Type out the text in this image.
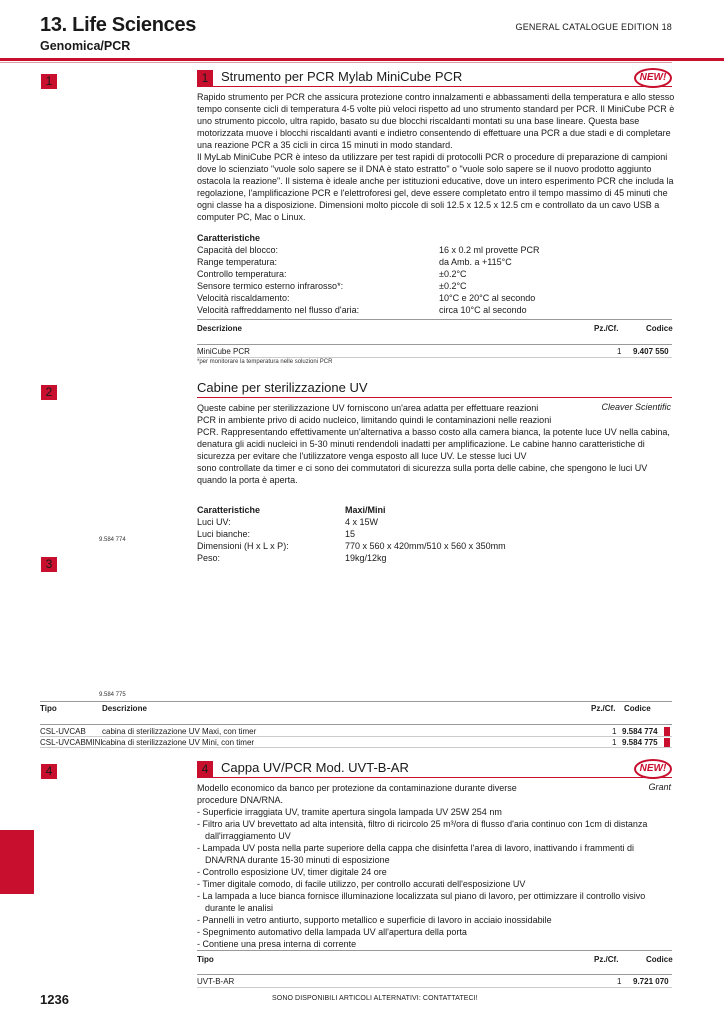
13. Life Sciences
Genomica/PCR
GENERAL CATALOGUE EDITION 18
1
2
3
4
1 Strumento per PCR Mylab MiniCube PCR	NEW!
Rapido strumento per PCR che assicura protezione contro innalzamenti e abbassamenti della temperatura e allo stesso
tempo consente cicli di temperatura 4-5 volte più veloci rispetto ad uno strumento standard per PCR. Il MiniCube PCR è
uno strumento piccolo, ultra rapido, basato su due blocchi riscaldanti montati su una base lineare. Questa base
motorizzata muove i blocchi riscaldanti avanti e indietro consentendo di effettuare una PCR a due stadi e di completare
una reazione PCR a 35 cicli in circa 15 minuti in modo standard.
Il MyLab MiniCube PCR è inteso da utilizzare per test rapidi di protocolli PCR o procedure di preparazione di campioni
dove lo scienziato "vuole solo sapere se il DNA è stato estratto" o "vuole solo sapere se il nuovo prodotto aggiunto
ostacola la reazione". Il sistema è ideale anche per istituzioni educative, dove un intero esperimento PCR che includa la
regolazione, l'amplificazione PCR e l'elettroforesi gel, deve essere completato entro il tempo massimo di 45 minuti che
ogni classe ha a disposizione. Dimensioni molto piccole di soli 12.5 x 12.5 x 12.5 cm e controllato da un cavo USB a
computer PC, Mac o Linux.
Caratteristiche
Capacità del blocco:	16 x 0.2 ml provette PCR
Range temperatura:	da Amb. a +115°C
Controllo temperatura:	±0.2°C
Sensore termico esterno infrarosso*:	±0.2°C
Velocità riscaldamento:	10°C e 20°C al secondo
Velocità raffreddamento nel flusso d'aria:	circa 10°C al secondo
Descrizione	Pz./Cf.	Codice
MiniCube PCR	1 9.407 550
*per monitorare la temperatura nelle soluzioni PCR
Cabine per sterilizzazione UV
Cleaver Scientific
Queste cabine per sterilizzazione UV forniscono un'area adatta per effettuare reazioni
PCR in ambiente privo di acido nucleico, limitando quindi le contaminazioni nelle reazioni
PCR. Rappresentando effettivamente un'alternativa a basso costo alla camera bianca, la potente luce UV nella cabina,
denatura gli acidi nucleici in 5-30 minuti rendendoli inadatti per amplificazione. Le cabine hanno caratteristiche di
sicurezza per evitare che l'utilizzatore venga esposto all luce UV. Le stesse luci UV
sono controllate da timer e ci sono dei commutatori di sicurezza sulla porta delle cabine, che spengono le luci UV
quando la porta è aperta.
Caratteristiche	Maxi/Mini
Luci UV:	4 x 15W
Luci bianche:	15
Dimensioni (H x L x P):	770 x 560 x 420mm/510 x 560 x 350mm
Peso:	19kg/12kg
9.584 774
9.584 775
Tipo	Descrizione	Pz./Cf. Codice
CSL-UVCAB cabina di sterilizzazione UV Maxi, con timer	1 9.584 774
CSL-UVCABMINI cabina di sterilizzazione UV Mini, con timer	1 9.584 775
4 Cappa UV/PCR Mod. UVT-B-AR	NEW!
Grant
Modello economico da banco per protezione da contaminazione durante diverse
procedure DNA/RNA.
- Superficie irraggiata UV, tramite apertura singola lampada UV 25W 254 nm
- Filtro aria UV brevettato ad alta intensità, filtro di ricircolo 25 m³/ora di flusso d'aria continuo con 1cm di distanza
dall'irraggiamento UV
- Lampada UV posta nella parte superiore della cappa che disinfetta l'area di lavoro, inattivando i frammenti di
DNA/RNA durante 15-30 minuti di esposizione
- Controllo esposizione UV, timer digitale 24 ore
- Timer digitale comodo, di facile utilizzo, per controllo accurati dell'esposizione UV
- La lampada a luce bianca fornisce illuminazione localizzata sul piano di lavoro, per ottimizzare il controllo visivo
durante le analisi
- Pannelli in vetro antiurto, supporto metallico e superficie di lavoro in acciaio inossidabile
- Spegnimento automativo della lampada UV all'apertura della porta
- Contiene una presa interna di corrente
Tipo	Pz./Cf.	Codice
UVT-B-AR	1 9.721 070
1236	SONO DISPONIBILI ARTICOLI ALTERNATIVI: CONTATTATECI!
